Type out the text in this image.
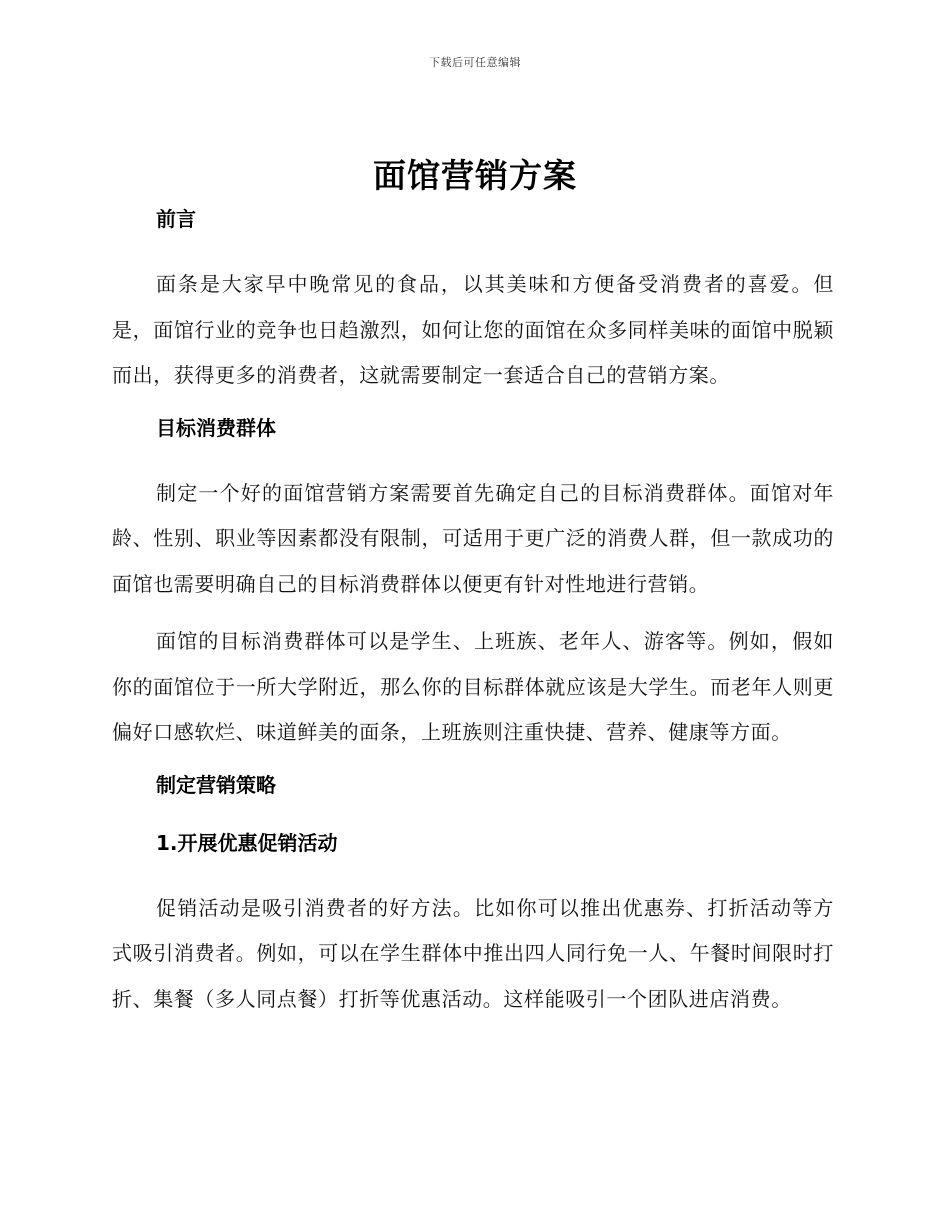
下载后可任意编辑
面馆营销方案
前言

面条是大家早中晚常见的食品，以其美味和方便备受消费者的喜爱。但是，面馆行业的竞争也日趋激烈，如何让您的面馆在众多同样美味的面馆中脱颖而出，获得更多的消费者，这就需要制定一套适合自己的营销方案。

目标消费群体

制定一个好的面馆营销方案需要首先确定自己的目标消费群体。面馆对年龄、性别、职业等因素都没有限制，可适用于更广泛的消费人群，但一款成功的面馆也需要明确自己的目标消费群体以便更有针对性地进行营销。

面馆的目标消费群体可以是学生、上班族、老年人、游客等。例如，假如你的面馆位于一所大学附近，那么你的目标群体就应该是大学生。而老年人则更偏好口感软烂、味道鲜美的面条，上班族则注重快捷、营养、健康等方面。

制定营销策略
1.开展优惠促销活动

促销活动是吸引消费者的好方法。比如你可以推出优惠券、打折活动等方式吸引消费者。例如，可以在学生群体中推出四人同行免一人、午餐时间限时打折、集餐（多人同点餐）打折等优惠活动。这样能吸引一个团队进店消费。
